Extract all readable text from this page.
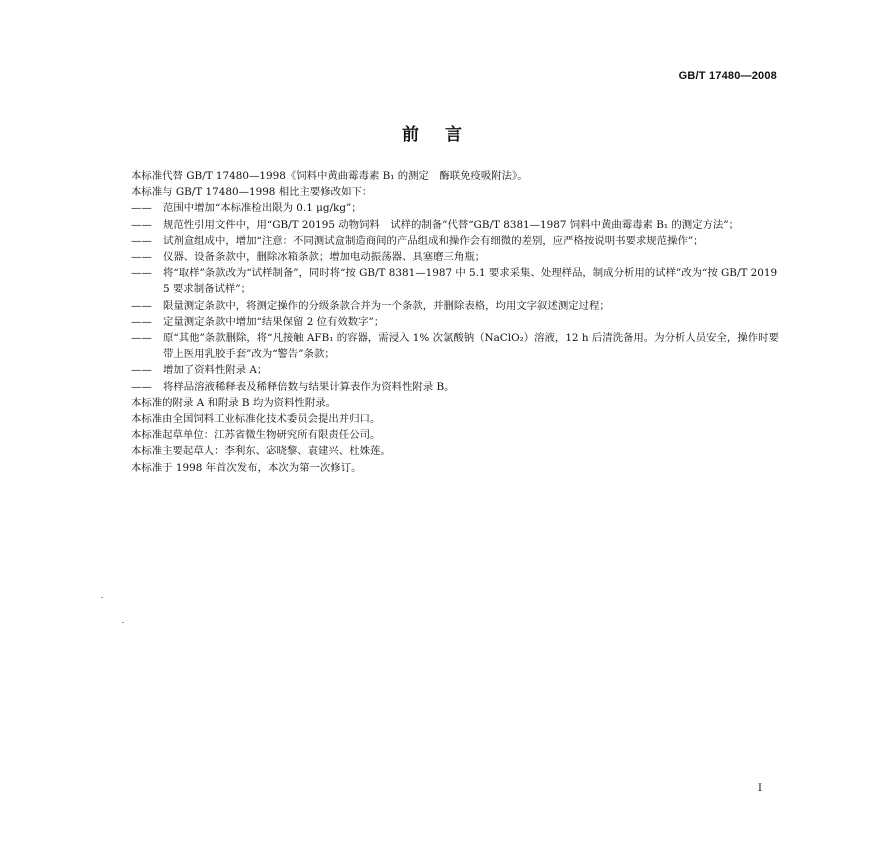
GB/T 17480—2008
前言

本标准代替 GB/T 17480—1998《饲料中黄曲霉毒素 B₁ 的测定　酶联免疫吸附法》。

本标准与 GB/T 17480—1998 相比主要修改如下：

——	范围中增加“本标准检出限为 0.1 μg/kg”；

——	规范性引用文件中，用“GB/T 20195 动物饲料　试样的制备”代替“GB/T 8381—1987 饲料中黄曲霉毒素 B₁ 的测定方法”；

——	试剂盒组成中，增加“注意：不同测试盒制造商间的产品组成和操作会有细微的差别，应严格按说明书要求规范操作”；

——	仪器、设备条款中，删除冰箱条款；增加电动振荡器、具塞磨三角瓶；

——	将“取样”条款改为“试样制备”，同时将“按 GB/T 8381—1987 中 5.1 要求采集、处理样品，制成分析用的试样”改为“按 GB/T 20195 要求制备试样”；

——	限量测定条款中，将测定操作的分级条款合并为一个条款，并删除表格，均用文字叙述测定过程；

——	定量测定条款中增加“结果保留 2 位有效数字”；

——	原“其他”条款删除，将“凡接触 AFB₁ 的容器，需浸入 1% 次氯酸钠（NaClO₂）溶液，12 h 后清洗备用。为分析人员安全，操作时要带上医用乳胶手套”改为“警告”条款；

——	增加了资料性附录 A；

——	将样品溶液稀释表及稀释倍数与结果计算表作为资料性附录 B。

本标准的附录 A 和附录 B 均为资料性附录。

本标准由全国饲料工业标准化技术委员会提出并归口。

本标准起草单位：江苏省微生物研究所有限责任公司。

本标准主要起草人：李利东、宓晓黎、袁建兴、杜姝莲。

本标准于 1998 年首次发布，本次为第一次修订。

I
